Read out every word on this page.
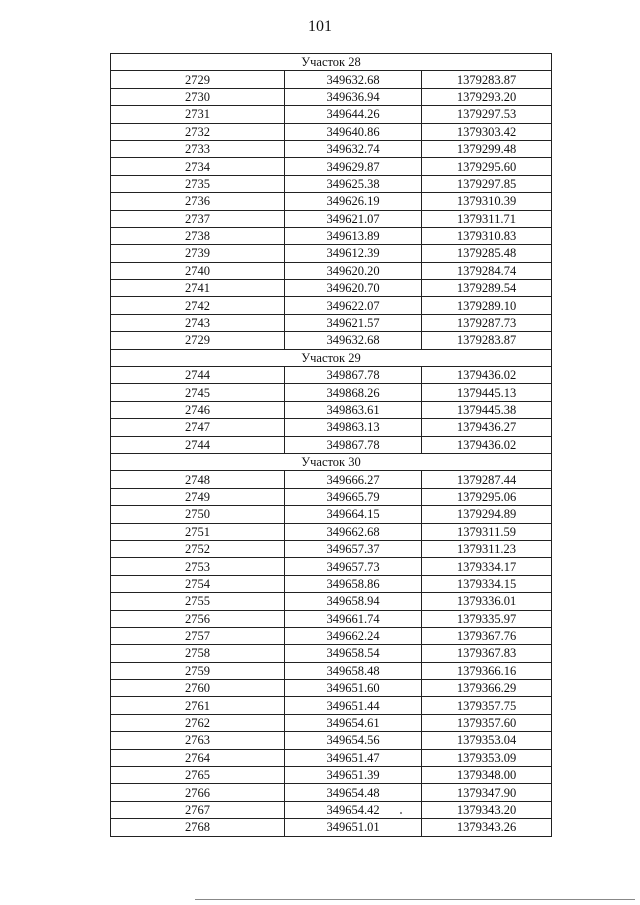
101
Участок 28		
2729	349632.68	1379283.87
2730	349636.94	1379293.20
2731	349644.26	1379297.53
2732	349640.86	1379303.42
2733	349632.74	1379299.48
2734	349629.87	1379295.60
2735	349625.38	1379297.85
2736	349626.19	1379310.39
2737	349621.07	1379311.71
2738	349613.89	1379310.83
2739	349612.39	1379285.48
2740	349620.20	1379284.74
2741	349620.70	1379289.54
2742	349622.07	1379289.10
2743	349621.57	1379287.73
2729	349632.68	1379283.87
Участок 29		
2744	349867.78	1379436.02
2745	349868.26	1379445.13
2746	349863.61	1379445.38
2747	349863.13	1379436.27
2744	349867.78	1379436.02
Участок 30		
2748	349666.27	1379287.44
2749	349665.79	1379295.06
2750	349664.15	1379294.89
2751	349662.68	1379311.59
2752	349657.37	1379311.23
2753	349657.73	1379334.17
2754	349658.86	1379334.15
2755	349658.94	1379336.01
2756	349661.74	1379335.97
2757	349662.24	1379367.76
2758	349658.54	1379367.83
2759	349658.48	1379366.16
2760	349651.60	1379366.29
2761	349651.44	1379357.75
2762	349654.61	1379357.60
2763	349654.56	1379353.04
2764	349651.47	1379353.09
2765	349651.39	1379348.00
2766	349654.48	1379347.90
2767	349654.42	1379343.20
2768	349651.01	1379343.26
